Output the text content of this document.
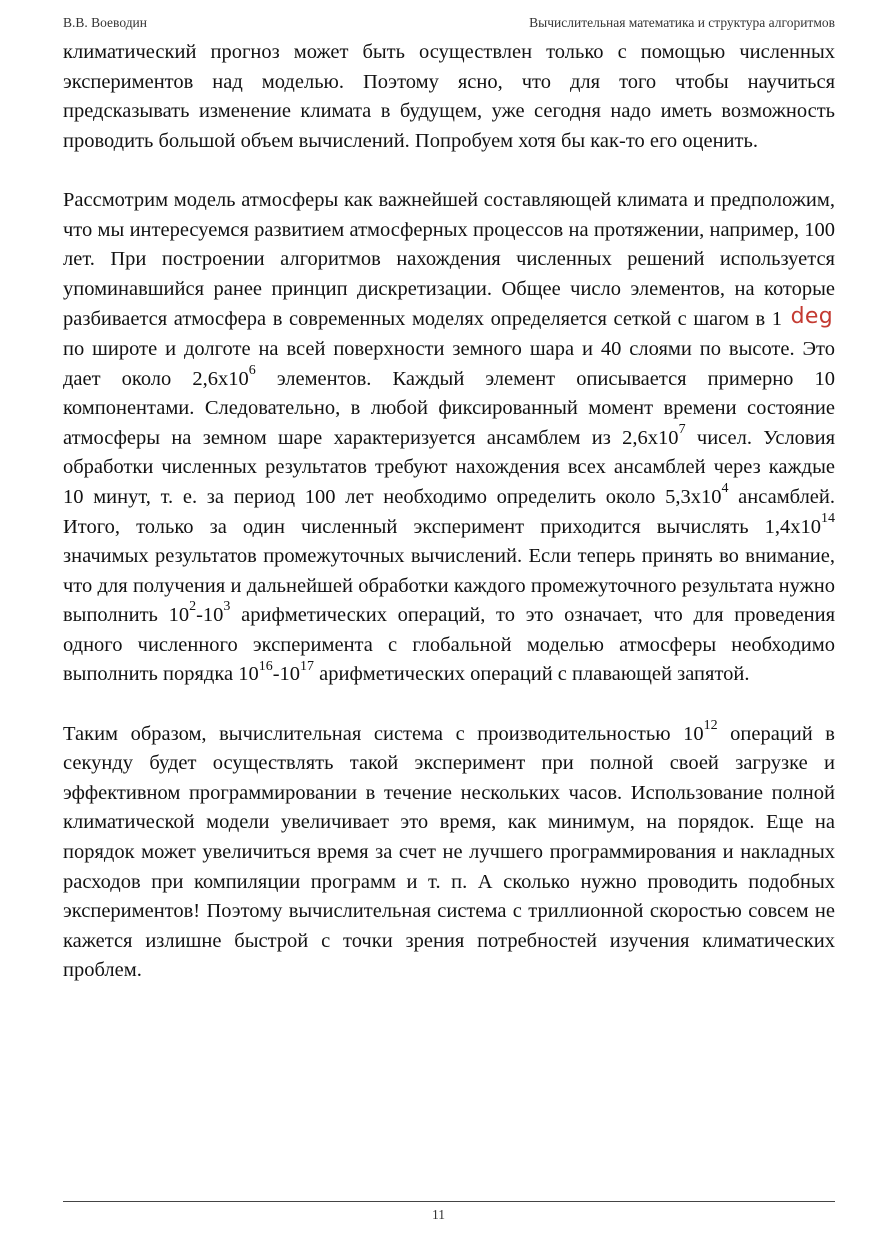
В.В. Воеводин	Вычислительная математика и структура алгоритмов

климатический прогноз может быть осуществлен только с помощью численных экспериментов над моделью. Поэтому ясно, что для того чтобы научиться предсказывать изменение климата в будущем, уже сегодня надо иметь возможность проводить большой объем вычислений. Попробуем хотя бы как-то его оценить.

Рассмотрим модель атмосферы как важнейшей составляющей климата и предположим, что мы интересуемся развитием атмосферных процессов на протяжении, например, 100 лет. При построении алгоритмов нахождения численных решений используется упоминавшийся ранее принцип дискретизации. Общее число элементов, на которые разбивается атмосфера в современных моделях определяется сеткой с шагом в 1 deg по широте и долготе на всей поверхности земного шара и 40 слоями по высоте. Это дает около $2,6х10^6$ элементов. Каждый элемент описывается примерно 10 компонентами. Следовательно, в любой фиксированный момент времени состояние атмосферы на земном шаре характеризуется ансамблем из $2,6х10^7$ чисел. Условия обработки численных результатов требуют нахождения всех ансамблей через каждые 10 минут, т. е. за период 100 лет необходимо определить около $5,3х10^4$ ансамблей. Итого, только за один численный эксперимент приходится вычислять $1,4х10^{14}$ значимых результатов промежуточных вычислений. Если теперь принять во внимание, что для получения и дальнейшей обработки каждого промежуточного результата нужно выполнить $10^2-10^3$ арифметических операций, то это означает, что для проведения одного численного эксперимента с глобальной моделью атмосферы необходимо выполнить порядка $10^{16}-10^{17}$ арифметических операций с плавающей запятой.

Таким образом, вычислительная система с производительностью $10^{12}$ операций в секунду будет осуществлять такой эксперимент при полной своей загрузке и эффективном программировании в течение нескольких часов. Использование полной климатической модели увеличивает это время, как минимум, на порядок. Еще на порядок может увеличиться время за счет не лучшего программирования и накладных расходов при компиляции программ и т. п. А сколько нужно проводить подобных экспериментов! Поэтому вычислительная система с триллионной скоростью совсем не кажется излишне быстрой с точки зрения потребностей изучения климатических проблем.

11
